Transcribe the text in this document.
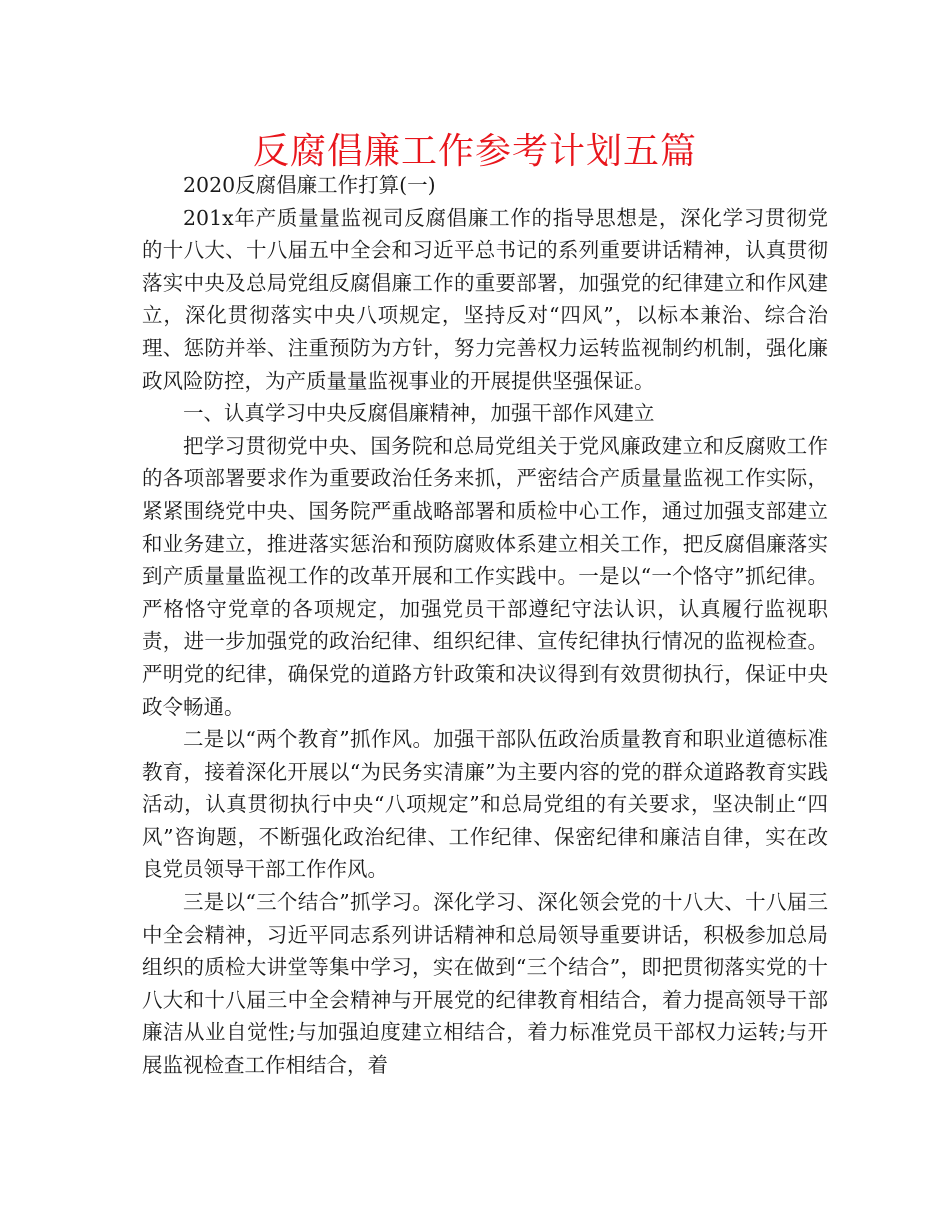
反腐倡廉工作参考计划五篇

2020反腐倡廉工作打算(一)

201x年产质量量监视司反腐倡廉工作的指导思想是，深化学习贯彻党的十八大、十八届五中全会和习近平总书记的系列重要讲话精神，认真贯彻落实中央及总局党组反腐倡廉工作的重要部署，加强党的纪律建立和作风建立，深化贯彻落实中央八项规定，坚持反对“四风”，以标本兼治、综合治理、惩防并举、注重预防为方针，努力完善权力运转监视制约机制，强化廉政风险防控，为产质量量监视事业的开展提供坚强保证。

一、认真学习中央反腐倡廉精神，加强干部作风建立

把学习贯彻党中央、国务院和总局党组关于党风廉政建立和反腐败工作的各项部署要求作为重要政治任务来抓，严密结合产质量量监视工作实际，紧紧围绕党中央、国务院严重战略部署和质检中心工作，通过加强支部建立和业务建立，推进落实惩治和预防腐败体系建立相关工作，把反腐倡廉落实到产质量量监视工作的改革开展和工作实践中。一是以“一个恪守”抓纪律。严格恪守党章的各项规定，加强党员干部遵纪守法认识，认真履行监视职责，进一步加强党的政治纪律、组织纪律、宣传纪律执行情况的监视检查。严明党的纪律，确保党的道路方针政策和决议得到有效贯彻执行，保证中央政令畅通。

二是以“两个教育”抓作风。加强干部队伍政治质量教育和职业道德标准教育，接着深化开展以“为民务实清廉”为主要内容的党的群众道路教育实践活动，认真贯彻执行中央“八项规定”和总局党组的有关要求，坚决制止“四风”咨询题，不断强化政治纪律、工作纪律、保密纪律和廉洁自律，实在改良党员领导干部工作作风。

三是以“三个结合”抓学习。深化学习、深化领会党的十八大、十八届三中全会精神，习近平同志系列讲话精神和总局领导重要讲话，积极参加总局组织的质检大讲堂等集中学习，实在做到“三个结合”，即把贯彻落实党的十八大和十八届三中全会精神与开展党的纪律教育相结合，着力提高领导干部廉洁从业自觉性;与加强迫度建立相结合，着力标准党员干部权力运转;与开展监视检查工作相结合，着
